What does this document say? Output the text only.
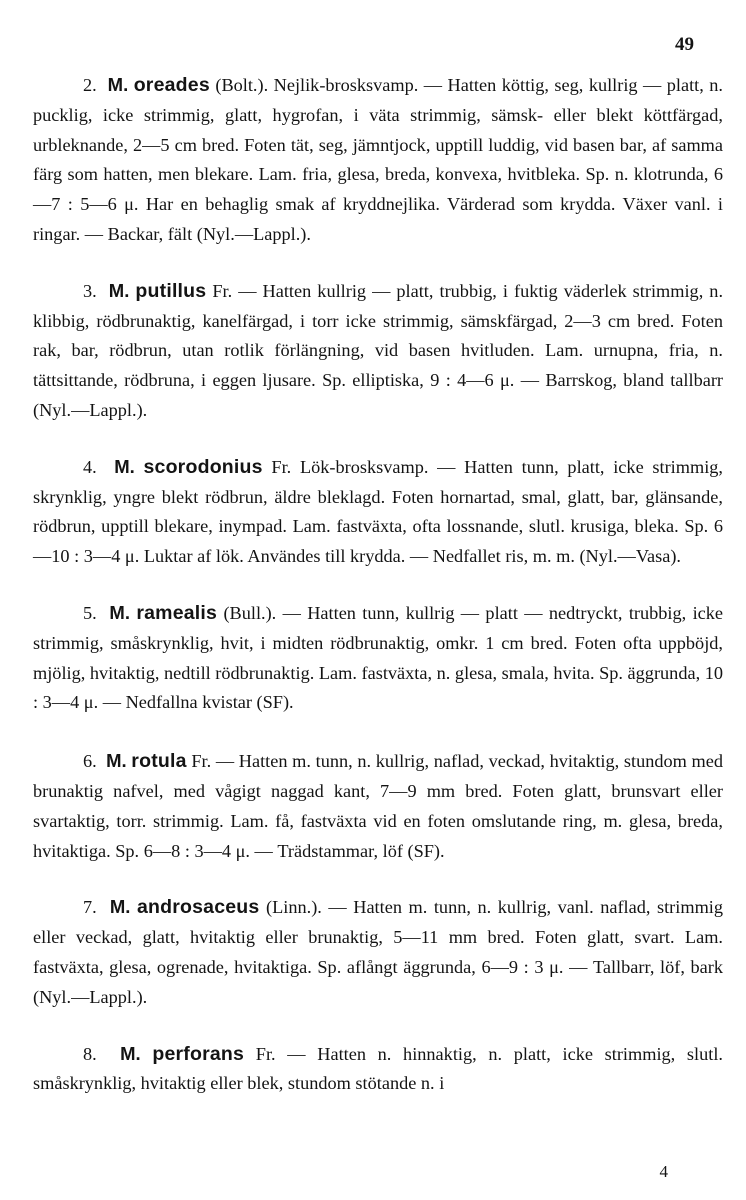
49

2. M. oreades (Bolt.). Nejlik-brosksvamp. — Hatten köttig, seg, kullrig — platt, n. pucklig, icke strimmig, glatt, hygrofan, i väta strimmig, sämsk- eller blekt köttfärgad, urbleknande, 2—5 cm bred. Foten tät, seg, jämntjock, upptill luddig, vid basen bar, af samma färg som hatten, men blekare. Lam. fria, glesa, breda, konvexa, hvitbleka. Sp. n. klotrunda, 6—7 : 5—6 μ. Har en behaglig smak af kryddnejlika. Värderad som krydda. Växer vanl. i ringar. — Backar, fält (Nyl.—Lappl.).

3. M. putillus Fr. — Hatten kullrig — platt, trubbig, i fuktig väderlek strimmig, n. klibbig, rödbrunaktig, kanelfärgad, i torr icke strimmig, sämskfärgad, 2—3 cm bred. Foten rak, bar, rödbrun, utan rotlik förlängning, vid basen hvitluden. Lam. urnupna, fria, n. tättsittande, rödbruna, i eggen ljusare. Sp. elliptiska, 9 : 4—6 μ. — Barrskog, bland tallbarr (Nyl.—Lappl.).

4. M. scorodonius Fr. Lök-brosksvamp. — Hatten tunn, platt, icke strimmig, skrynklig, yngre blekt rödbrun, äldre bleklagd. Foten hornartad, smal, glatt, bar, glänsande, rödbrun, upptill blekare, inympad. Lam. fastväxta, ofta lossnande, slutl. krusiga, bleka. Sp. 6—10 : 3—4 μ. Luktar af lök. Användes till krydda. — Nedfallet ris, m. m. (Nyl.—Vasa).

5. M. ramealis (Bull.). — Hatten tunn, kullrig — platt — nedtryckt, trubbig, icke strimmig, småskrynklig, hvit, i midten rödbrunaktig, omkr. 1 cm bred. Foten ofta uppböjd, mjölig, hvitaktig, nedtill rödbrunaktig. Lam. fastväxta, n. glesa, smala, hvita. Sp. äggrunda, 10 : 3—4 μ. — Nedfallna kvistar (SF).

6. M. rotula Fr. — Hatten m. tunn, n. kullrig, naflad, veckad, hvitaktig, stundom med brunaktig nafvel, med vågigt naggad kant, 7—9 mm bred. Foten glatt, brunsvart eller svartaktig, torr. strimmig. Lam. få, fastväxta vid en foten omslutande ring, m. glesa, breda, hvitaktiga. Sp. 6—8 : 3—4 μ. — Trädstammar, löf (SF).

7. M. androsaceus (Linn.). — Hatten m. tunn, n. kullrig, vanl. naflad, strimmig eller veckad, glatt, hvitaktig eller brunaktig, 5—11 mm bred. Foten glatt, svart. Lam. fastväxta, glesa, ogrenade, hvitaktiga. Sp. aflångt äggrunda, 6—9 : 3 μ. — Tallbarr, löf, bark (Nyl.—Lappl.).

8. M. perforans Fr. — Hatten n. hinnaktig, n. platt, icke strimmig, slutl. småskrynklig, hvitaktig eller blek, stundom stötande n. i

4
